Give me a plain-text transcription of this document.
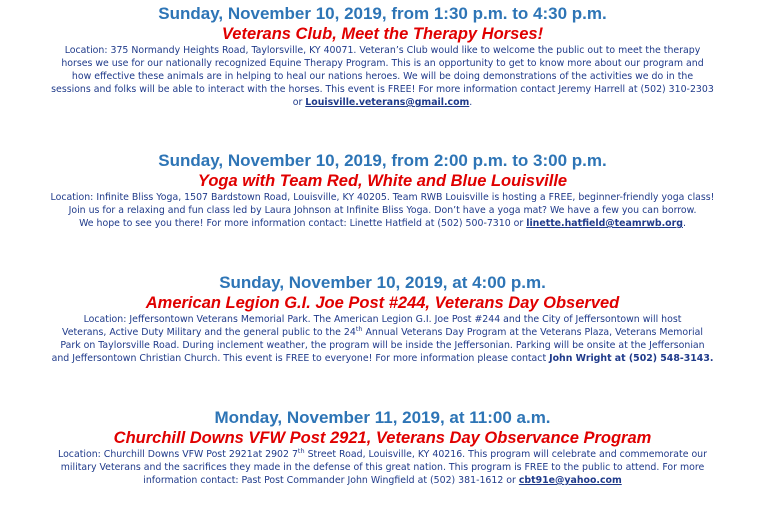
Sunday, November 10, 2019, from 1:30 p.m. to 4:30 p.m.
Veterans Club, Meet the Therapy Horses!
Location: 375 Normandy Heights Road, Taylorsville, KY 40071. Veteran’s Club would like to welcome the public out to meet the therapy
horses we use for our nationally recognized Equine Therapy Program. This is an opportunity to get to know more about our program and
how effective these animals are in helping to heal our nations heroes. We will be doing demonstrations of the activities we do in the
sessions and folks will be able to interact with the horses. This event is FREE! For more information contact Jeremy Harrell at (502) 310-2303
or Louisville.veterans@gmail.com.
Sunday, November 10, 2019, from 2:00 p.m. to 3:00 p.m.
Yoga with Team Red, White and Blue Louisville
Location: Infinite Bliss Yoga, 1507 Bardstown Road, Louisville, KY 40205. Team RWB Louisville is hosting a FREE, beginner-friendly yoga class!
Join us for a relaxing and fun class led by Laura Johnson at Infinite Bliss Yoga. Don’t have a yoga mat? We have a few you can borrow.
We hope to see you there! For more information contact: Linette Hatfield at (502) 500-7310 or linette.hatfield@teamrwb.org.
Sunday, November 10, 2019, at 4:00 p.m.
American Legion G.I. Joe Post #244, Veterans Day Observed
Location: Jeffersontown Veterans Memorial Park. The American Legion G.I. Joe Post #244 and the City of Jeffersontown will host
Veterans, Active Duty Military and the general public to the 24th Annual Veterans Day Program at the Veterans Plaza, Veterans Memorial
Park on Taylorsville Road. During inclement weather, the program will be inside the Jeffersonian. Parking will be onsite at the Jeffersonian
and Jeffersontown Christian Church. This event is FREE to everyone! For more information please contact John Wright at (502) 548-3143.
Monday, November 11, 2019, at 11:00 a.m.
Churchill Downs VFW Post 2921, Veterans Day Observance Program
Location: Churchill Downs VFW Post 2921at 2902 7th Street Road, Louisville, KY 40216. This program will celebrate and commemorate our
military Veterans and the sacrifices they made in the defense of this great nation. This program is FREE to the public to attend. For more
information contact: Past Post Commander John Wingfield at (502) 381-1612 or cbt91e@yahoo.com
